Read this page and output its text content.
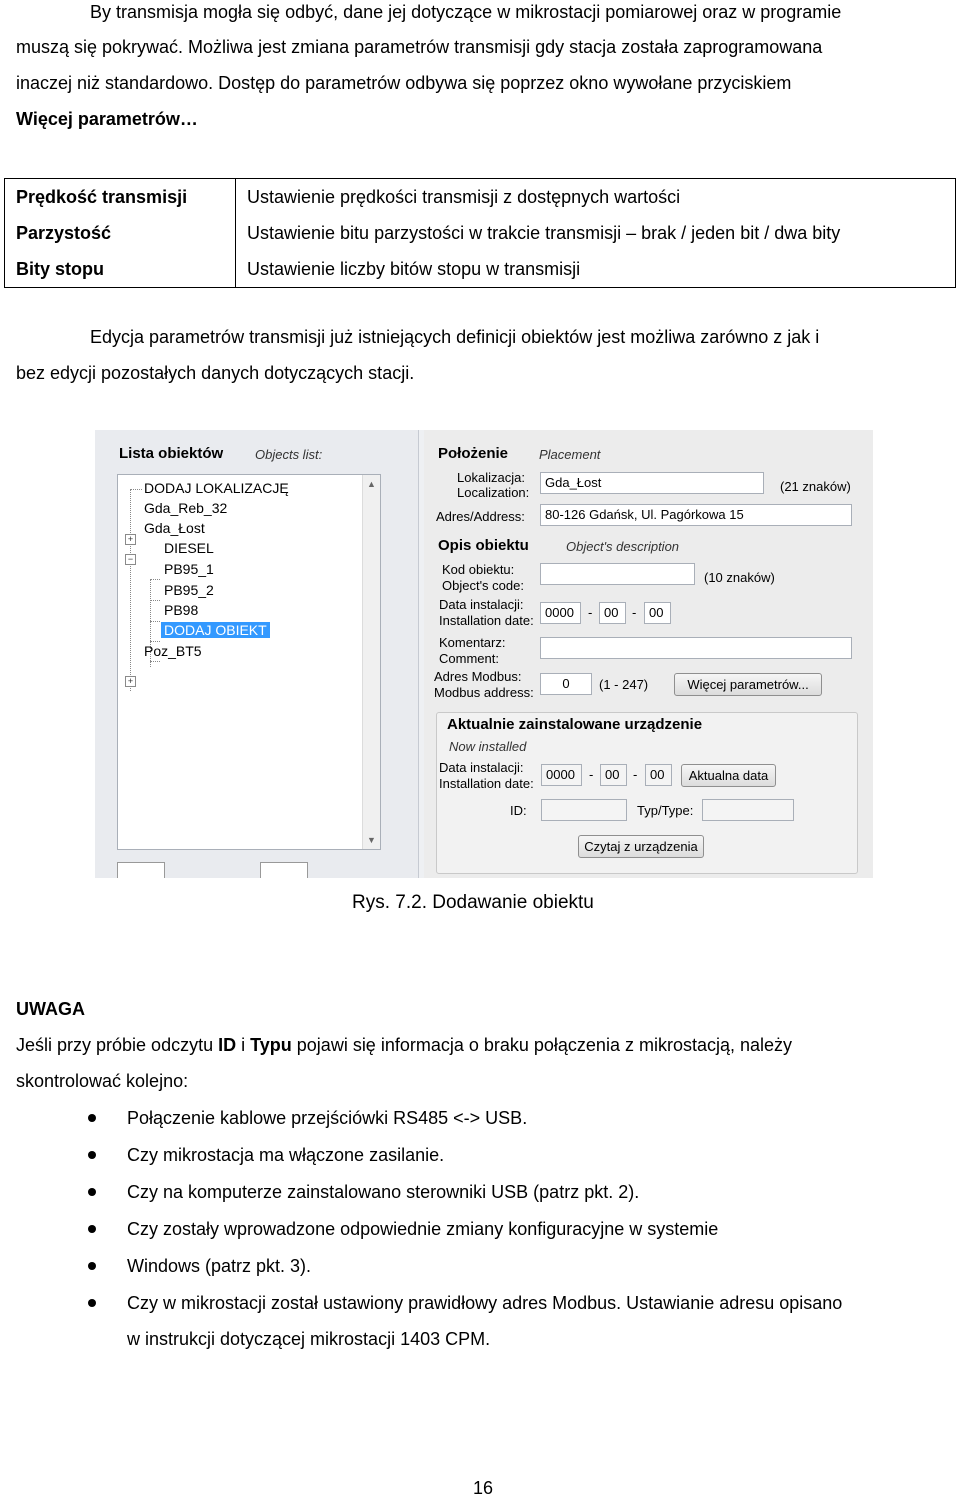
By transmisja mogła się odbyć, dane jej dotyczące w mikrostacji pomiarowej oraz w programie
muszą się pokrywać. Możliwa jest zmiana parametrów transmisji gdy stacja została zaprogramowana
inaczej niż standardowo. Dostęp do parametrów odbywa się poprzez okno wywołane przyciskiem
Więcej parametrów…
Prędkość transmisji	Ustawienie prędkości transmisji z dostępnych wartości
Parzystość	Ustawienie bitu parzystości w trakcie transmisji – brak / jeden bit / dwa bity
Bity stopu	Ustawienie liczby bitów stopu w transmisji
Edycja parametrów transmisji już istniejących definicji obiektów jest możliwa zarówno z jak i
bez edycji pozostałych danych dotyczących stacji.
Lista obiektów Objects list:
+
−
+
DODAJ LOKALIZACJĘ
Gda_Reb_32
Gda_Łost
DIESEL
PB95_1
PB95_2
PB98
DODAJ OBIEKT
Poz_BT5
▲
▼
Położenie Placement
Lokalizacja:
Localization:
Gda_Łost	(21 znaków)
Adres/Address:	80-126 Gdańsk, Ul. Pagórkowa 15
Opis obiektu	Object's description
Kod obiektu:
Object's code:
(10 znaków)
Data instalacji:
Installation date:
0000	- 00	- 00
Komentarz:
Comment:
Adres Modbus:
Modbus address:
0	(1 - 247)	Więcej parametrów...
Aktualnie zainstalowane urządzenie
Now installed
Data instalacji:
Installation date:
0000	- 00	- 00	Aktualna data
ID:	Typ/Type:
Czytaj z urządzenia
Rys. 7.2. Dodawanie obiektu
UWAGA
Jeśli przy próbie odczytu ID i Typu pojawi się informacja o braku połączenia z mikrostacją, należy
skontrolować kolejno:
Połączenie kablowe przejściówki RS485 <-> USB.
Czy mikrostacja ma włączone zasilanie.
Czy na komputerze zainstalowano sterowniki USB (patrz pkt. 2).
Czy zostały wprowadzone odpowiednie zmiany konfiguracyjne w systemie
Windows (patrz pkt. 3).
Czy w mikrostacji został ustawiony prawidłowy adres Modbus. Ustawianie adresu opisano
w instrukcji dotyczącej mikrostacji 1403 CPM.
16
